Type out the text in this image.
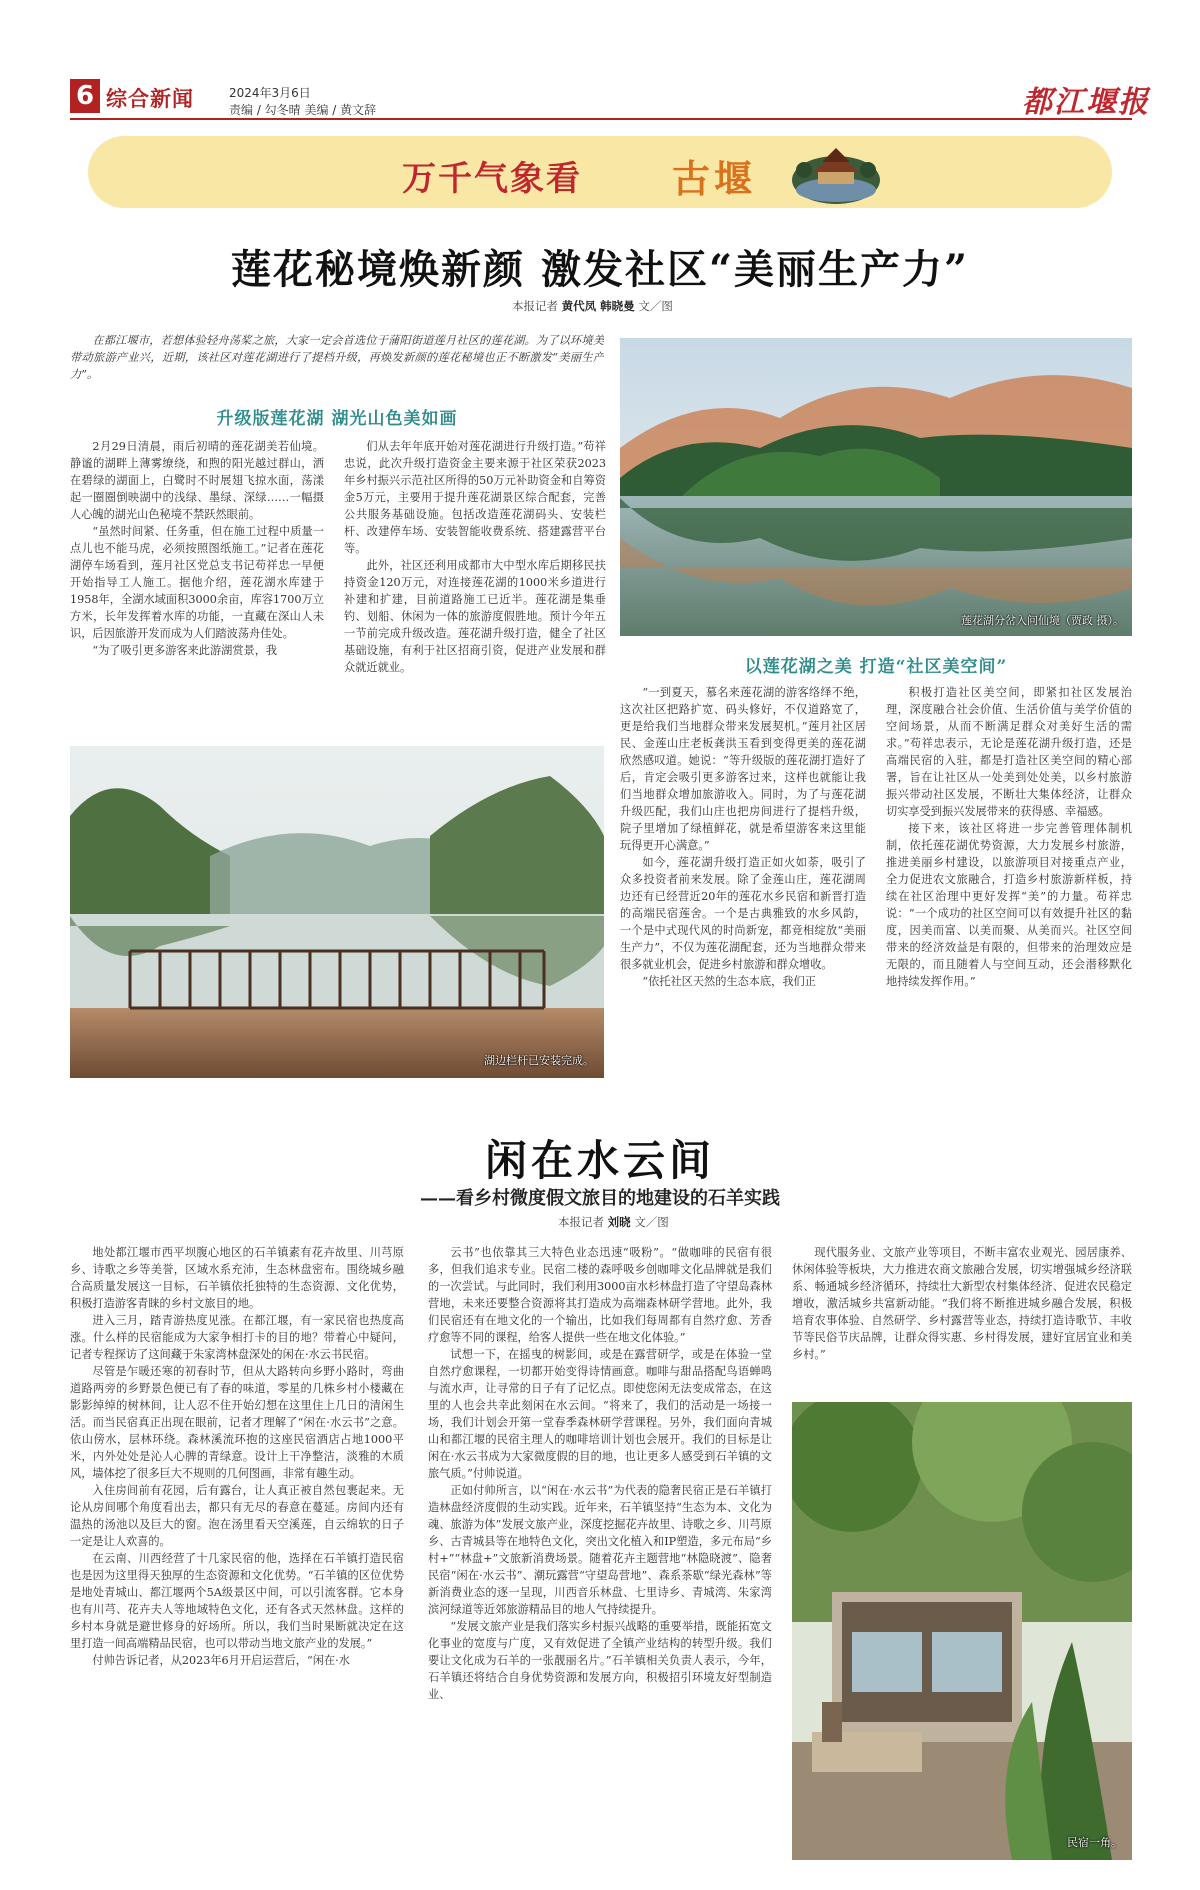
6 综合新闻	2024年3月6日
责编 / 勾冬晴 美编 / 黄文辞	都江堰报
万千气象看 古堰
莲花秘境焕新颜 激发社区“美丽生产力”
本报记者 黄代凤 韩晓曼 文／图
在都江堰市，若想体验轻舟荡桨之旅，大家一定会首选位于蒲阳街道莲月社区的莲花湖。为了以环境美带动旅游产业兴，近期，该社区对莲花湖进行了提档升级，再焕发新颜的莲花秘境也正不断激发“美丽生产力”。
升级版莲花湖 湖光山色美如画

2月29日清晨，雨后初晴的莲花湖美若仙境。静谧的湖畔上薄雾缭绕，和煦的阳光越过群山，洒在碧绿的湖面上，白鹭时不时展翅飞掠水面，荡漾起一圈圈倒映湖中的浅绿、墨绿、深绿……一幅摄人心魄的湖光山色秘境不禁跃然眼前。

“虽然时间紧、任务重，但在施工过程中质量一点儿也不能马虎，必须按照图纸施工。”记者在莲花湖停车场看到，莲月社区党总支书记苟祥忠一早便开始指导工人施工。据他介绍，莲花湖水库建于1958年，全湖水域面积3000余亩，库容1700万立方米，长年发挥着水库的功能，一直藏在深山人未识，后因旅游开发而成为人们踏波荡舟佳处。

“为了吸引更多游客来此游湖赏景，我

们从去年年底开始对莲花湖进行升级打造。”苟祥忠说，此次升级打造资金主要来源于社区荣获2023年乡村振兴示范社区所得的50万元补助资金和自筹资金5万元，主要用于提升莲花湖景区综合配套，完善公共服务基础设施。包括改造莲花湖码头、安装栏杆、改建停车场、安装智能收费系统、搭建露营平台等。

此外，社区还利用成都市大中型水库后期移民扶持资金120万元，对连接莲花湖的1000米乡道进行补建和扩建，目前道路施工已近半。莲花湖是集垂钓、划船、休闲为一体的旅游度假胜地。预计今年五一节前完成升级改造。莲花湖升级打造，健全了社区基础设施，有利于社区招商引资，促进产业发展和群众就近就业。

莲花湖分岔入问仙境（贾政 摄）。
以莲花湖之美 打造“社区美空间”

“一到夏天，慕名来莲花湖的游客络绎不绝，这次社区把路扩宽、码头修好，不仅道路宽了，更是给我们当地群众带来发展契机。”莲月社区居民、金莲山庄老板龚洪玉看到变得更美的莲花湖欣然感叹道。她说：“等升级版的莲花湖打造好了后，肯定会吸引更多游客过来，这样也就能让我们当地群众增加旅游收入。同时，为了与莲花湖升级匹配，我们山庄也把房间进行了提档升级，院子里增加了绿植鲜花，就是希望游客来这里能玩得更开心满意。”

如今，莲花湖升级打造正如火如荼，吸引了众多投资者前来发展。除了金莲山庄，莲花湖周边还有已经营近20年的莲花水乡民宿和新晋打造的高端民宿莲舍。一个是古典雅致的水乡风韵，一个是中式现代风的时尚新宠，都竞相绽放“美丽生产力”，不仅为莲花湖配套，还为当地群众带来很多就业机会，促进乡村旅游和群众增收。

“依托社区天然的生态本底，我们正

积极打造社区美空间，即紧扣社区发展治理，深度融合社会价值、生活价值与美学价值的空间场景，从而不断满足群众对美好生活的需求。”苟祥忠表示，无论是莲花湖升级打造，还是高端民宿的入驻，都是打造社区美空间的精心部署，旨在让社区从一处美到处处美，以乡村旅游振兴带动社区发展，不断壮大集体经济，让群众切实享受到振兴发展带来的获得感、幸福感。

接下来，该社区将进一步完善管理体制机制，依托莲花湖优势资源，大力发展乡村旅游，推进美丽乡村建设，以旅游项目对接重点产业，全力促进农文旅融合，打造乡村旅游新样板，持续在社区治理中更好发挥“美”的力量。苟祥忠说：“一个成功的社区空间可以有效提升社区的黏度，因美而富、以美而聚、从美而兴。社区空间带来的经济效益是有限的，但带来的治理效应是无限的，而且随着人与空间互动，还会潜移默化地持续发挥作用。”

湖边栏杆已安装完成。
闲在水云间
——看乡村微度假文旅目的地建设的石羊实践
本报记者 刘晓 文／图

地处都江堰市西平坝腹心地区的石羊镇素有花卉故里、川芎原乡、诗歌之乡等美誉，区域水系充沛，生态林盘密布。围绕城乡融合高质量发展这一目标，石羊镇依托独特的生态资源、文化优势，积极打造游客青睐的乡村文旅目的地。

进入三月，踏青游热度见涨。在都江堰，有一家民宿也热度高涨。什么样的民宿能成为大家争相打卡的目的地？带着心中疑问，记者专程探访了这间藏于朱家湾林盘深处的闲在·水云书民宿。

尽管是乍暖还寒的初春时节，但从大路转向乡野小路时，弯曲道路两旁的乡野景色便已有了春的味道，零星的几株乡村小楼藏在影影绰绰的树林间，让人忍不住开始幻想在这里住上几日的清闲生活。而当民宿真正出现在眼前，记者才理解了“闲在·水云书”之意。依山傍水，层林环绕。森林溪流环抱的这座民宿酒店占地1000平米，内外处处是沁人心脾的青绿意。设计上干净整洁，淡雅的木质风，墙体挖了很多巨大不规则的几何图画，非常有趣生动。

入住房间前有花园，后有露台，让人真正被自然包裹起来。无论从房间哪个角度看出去，都只有无尽的春意在蔓延。房间内还有温热的汤池以及巨大的窗。泡在汤里看天空溪莲，自云绵软的日子一定是让人欢喜的。

在云南、川西经营了十几家民宿的他，选择在石羊镇打造民宿也是因为这里得天独厚的生态资源和文化优势。“石羊镇的区位优势是地处青城山、都江堰两个5A级景区中间，可以引流客群。它本身也有川芎、花卉夫人等地域特色文化，还有各式天然林盘。这样的乡村本身就是避世修身的好场所。所以，我们当时果断就决定在这里打造一间高端精品民宿，也可以带动当地文旅产业的发展。”

付帅告诉记者，从2023年6月开启运营后，“闲在·水

云书”也依靠其三大特色业态迅速“吸粉”。“做咖啡的民宿有很多，但我们追求专业。民宿二楼的森呼吸乡创咖啡文化品牌就是我们的一次尝试。与此同时，我们利用3000亩水杉林盘打造了守望岛森林营地，未来还要整合资源将其打造成为高端森林研学营地。此外，我们民宿还有在地文化的一个输出，比如我们每周都有自然疗愈、芳香疗愈等不同的课程，给客人提供一些在地文化体验。”

试想一下，在摇曳的树影间，或是在露营研学，或是在体验一堂自然疗愈课程，一切都开始变得诗情画意。咖啡与甜品搭配鸟语蝉鸣与流水声，让寻常的日子有了记忆点。即使您闲无法变成常态，在这里的人也会共幸此刻闲在水云间。“将来了，我们的活动是一场接一场，我们计划会开第一堂春季森林研学营课程。另外，我们面向青城山和都江堰的民宿主理人的咖啡培训计划也会展开。我们的目标是让闲在·水云书成为大家微度假的目的地，也让更多人感受到石羊镇的文旅气质。”付帅说道。

正如付帅所言，以“闲在·水云书”为代表的隐奢民宿正是石羊镇打造林盘经济度假的生动实践。近年来，石羊镇坚持“生态为本、文化为魂、旅游为体”发展文旅产业，深度挖掘花卉故里、诗歌之乡、川芎原乡、古青城县等在地特色文化，突出文化植入和IP塑造，多元布局“乡村+”“林盘+”文旅新消费场景。随着花卉主题营地“林隐晓渡”、隐奢民宿“闲在·水云书”、潮玩露营“守望岛营地”、森系茶歇“绿光森林”等新消费业态的逐一呈现，川西音乐林盘、七里诗乡、青城湾、朱家湾滨河绿道等近郊旅游精品目的地人气持续提升。

“发展文旅产业是我们落实乡村振兴战略的重要举措，既能拓宽文化事业的宽度与广度，又有效促进了全镇产业结构的转型升级。我们要让文化成为石羊的一张靓丽名片。”石羊镇相关负责人表示，今年，石羊镇还将结合自身优势资源和发展方向，积极招引环境友好型制造业、

现代服务业、文旅产业等项目，不断丰富农业观光、园居康养、休闲体验等板块，大力推进农商文旅融合发展，切实增强城乡经济联系、畅通城乡经济循环，持续壮大新型农村集体经济、促进农民稳定增收，激活城乡共富新动能。“我们将不断推进城乡融合发展，积极培育农事体验、自然研学、乡村露营等业态，持续打造诗歌节、丰收节等民俗节庆品牌，让群众得实惠、乡村得发展，建好宜居宜业和美乡村。”

民宿一角。
